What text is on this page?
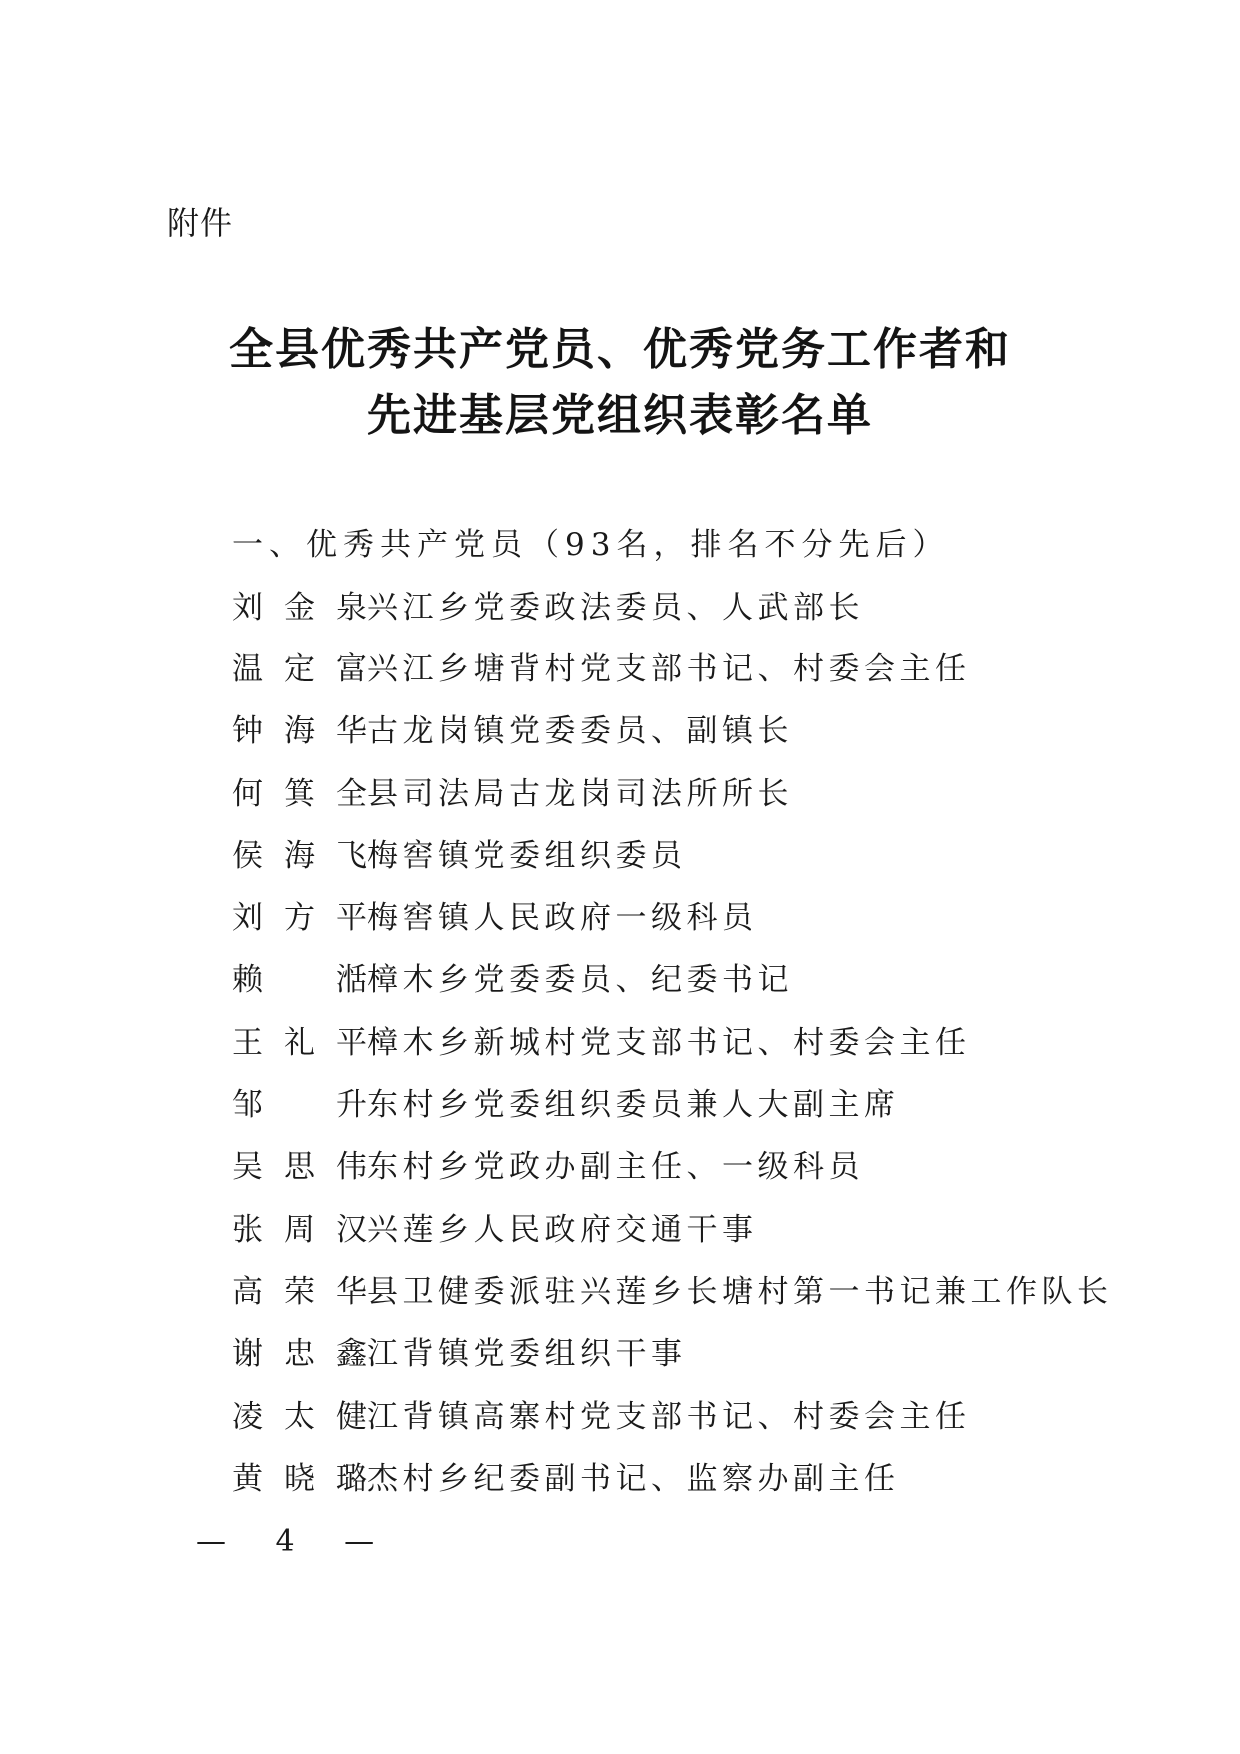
附件
全县优秀共产党员、优秀党务工作者和
先进基层党组织表彰名单
一、优秀共产党员（93名，排名不分先后）
刘金泉 兴江乡党委政法委员、人武部长
温定富 兴江乡塘背村党支部书记、村委会主任
钟海华 古龙岗镇党委委员、副镇长
何箕全 县司法局古龙岗司法所所长
侯海飞 梅窖镇党委组织委员
刘方平 梅窖镇人民政府一级科员
赖湉 樟木乡党委委员、纪委书记
王礼平 樟木乡新城村党支部书记、村委会主任
邹升 东村乡党委组织委员兼人大副主席
吴思伟 东村乡党政办副主任、一级科员
张周汉 兴莲乡人民政府交通干事
高荣华 县卫健委派驻兴莲乡长塘村第一书记兼工作队长
谢忠鑫 江背镇党委组织干事
凌太健 江背镇高寨村党支部书记、村委会主任
黄晓璐 杰村乡纪委副书记、监察办副主任
— 4 —
